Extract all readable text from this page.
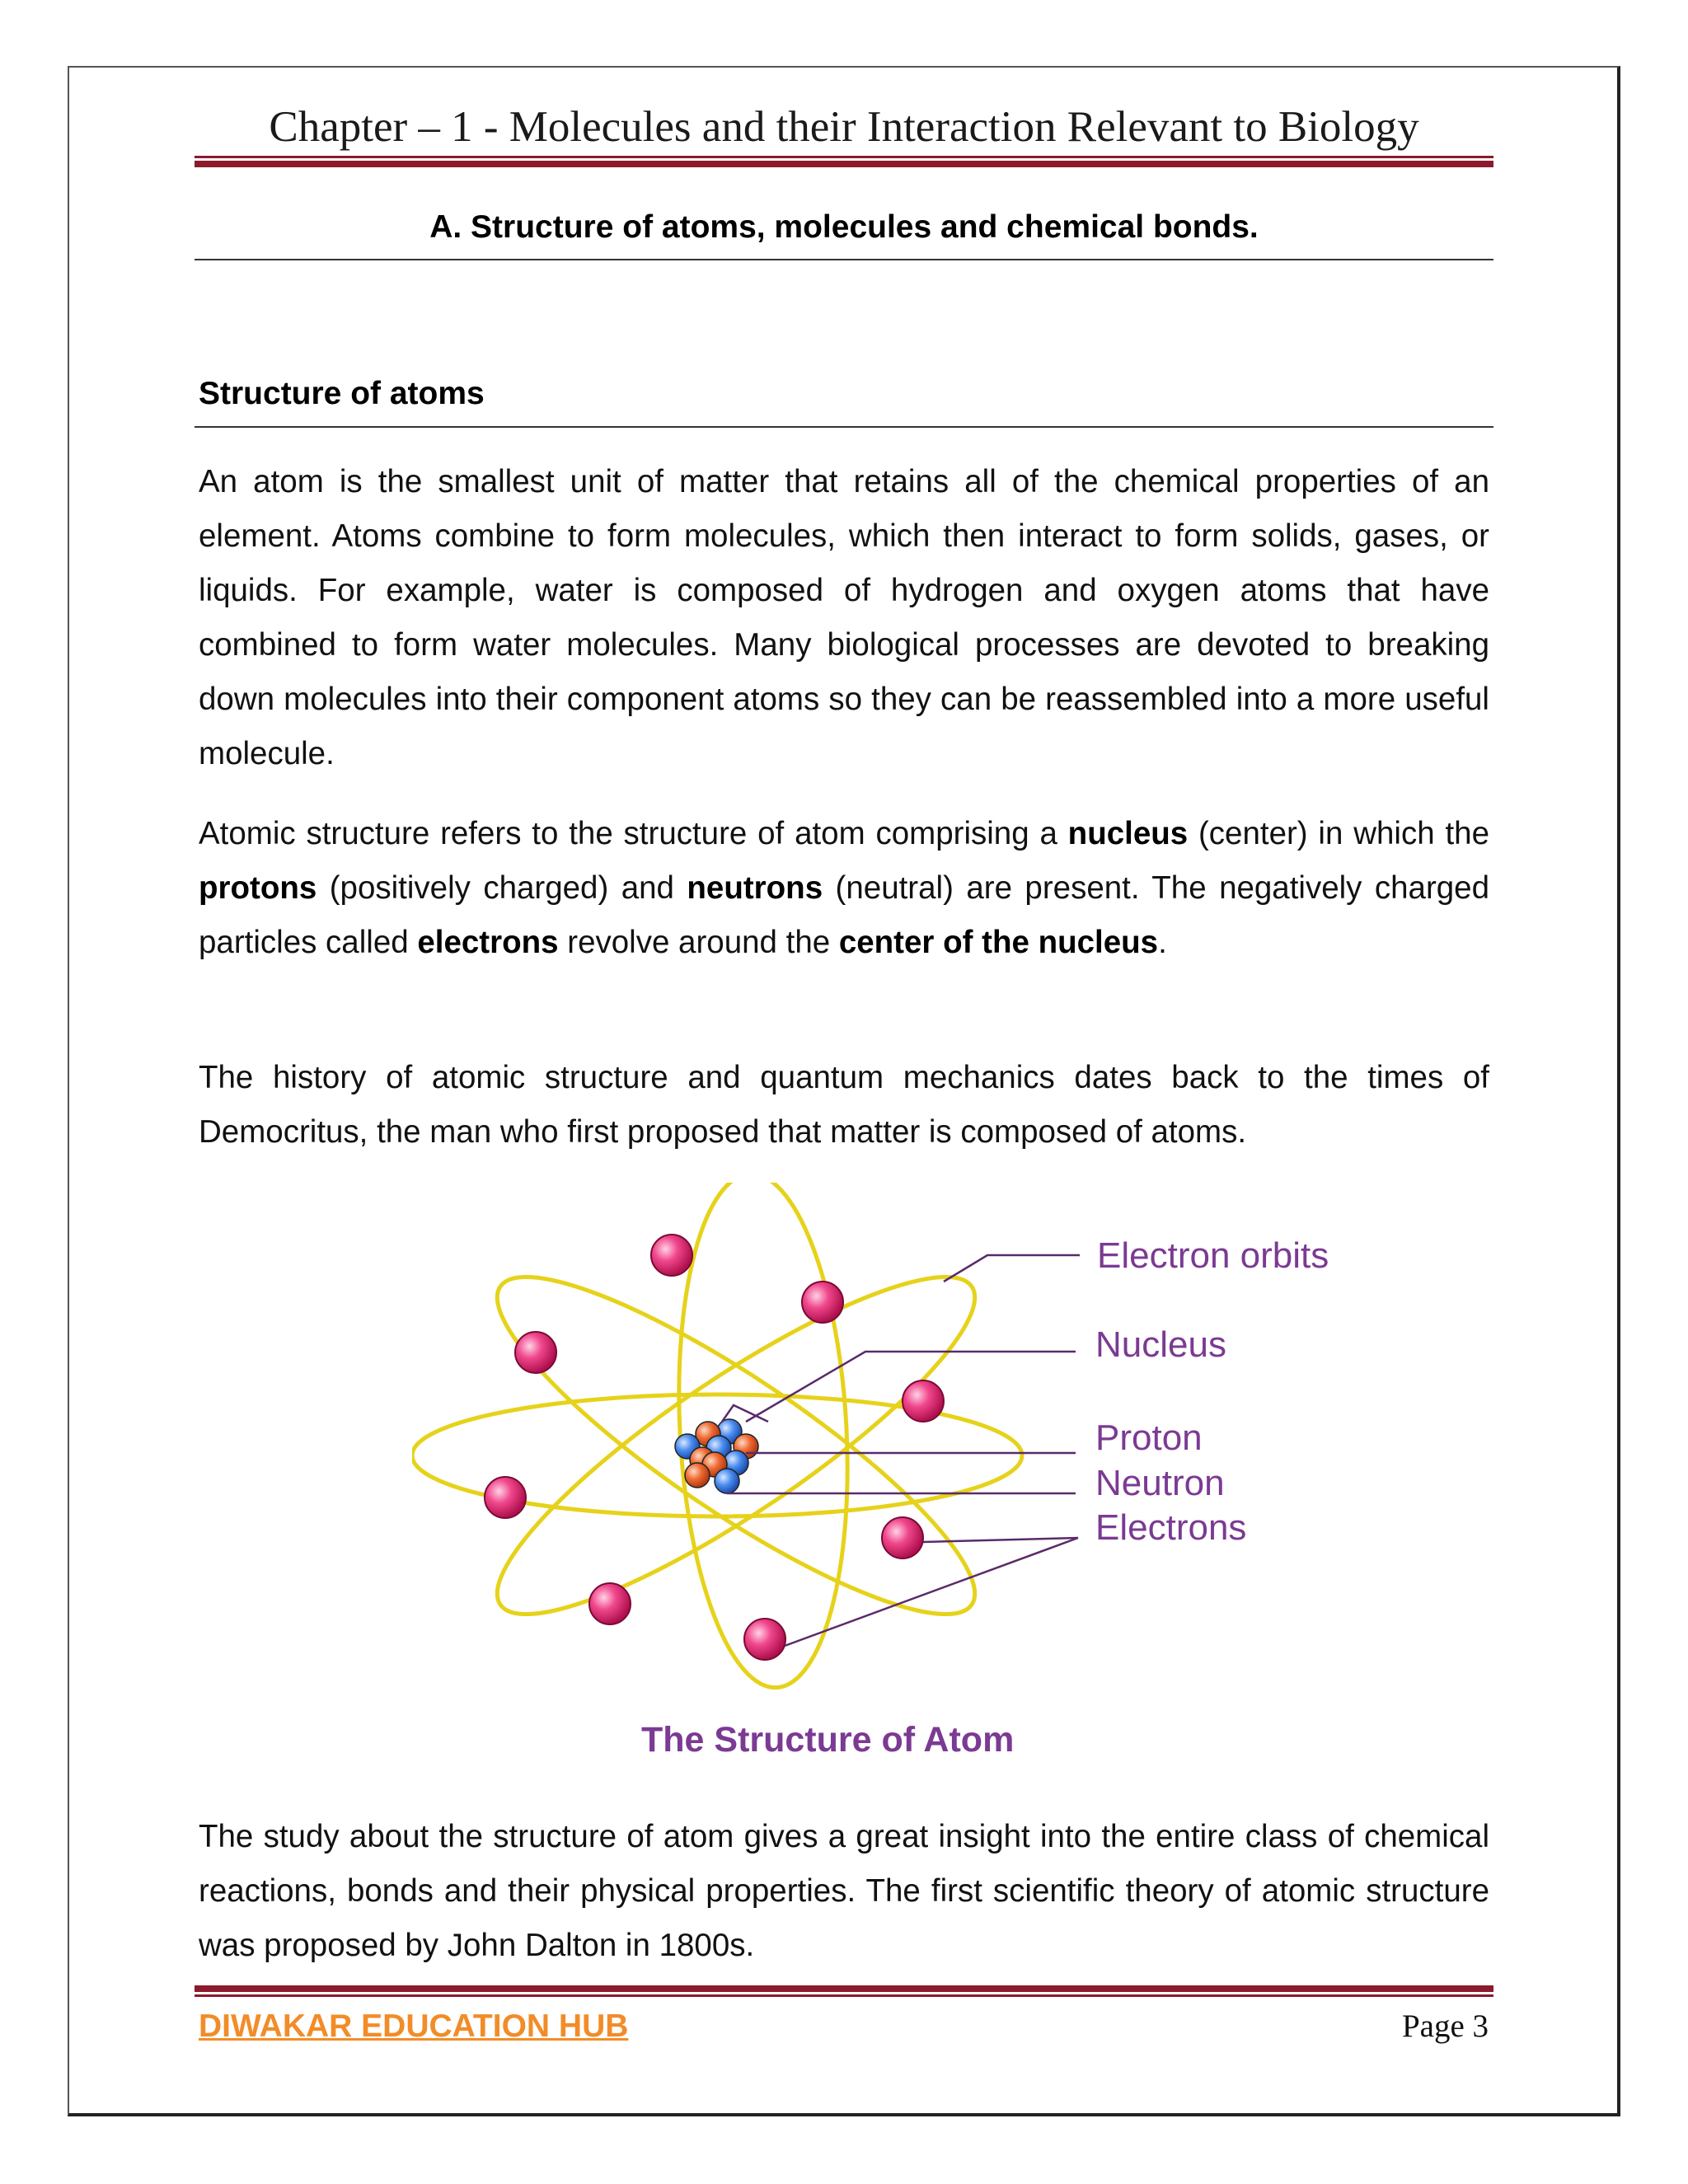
Chapter – 1 - Molecules and their Interaction Relevant to Biology
A. Structure of atoms, molecules and chemical bonds.
Structure of atoms

An atom is the smallest unit of matter that retains all of the chemical properties of an element. Atoms combine to form molecules, which then interact to form solids, gases, or liquids. For example, water is composed of hydrogen and oxygen atoms that have combined to form water molecules. Many biological processes are devoted to breaking down molecules into their component atoms so they can be reassembled into a more useful molecule.

Atomic structure refers to the structure of atom comprising a nucleus (center) in which the protons (positively charged) and neutrons (neutral) are present. The negatively charged particles called electrons revolve around the center of the nucleus.

The history of atomic structure and quantum mechanics dates back to the times of Democritus, the man who first proposed that matter is composed of atoms.

Electron orbits
Nucleus
Proton
Neutron
Electrons
The Structure of Atom

The study about the structure of atom gives a great insight into the entire class of chemical reactions, bonds and their physical properties. The first scientific theory of atomic structure was proposed by John Dalton in 1800s.

DIWAKAR EDUCATION HUB	Page 3
